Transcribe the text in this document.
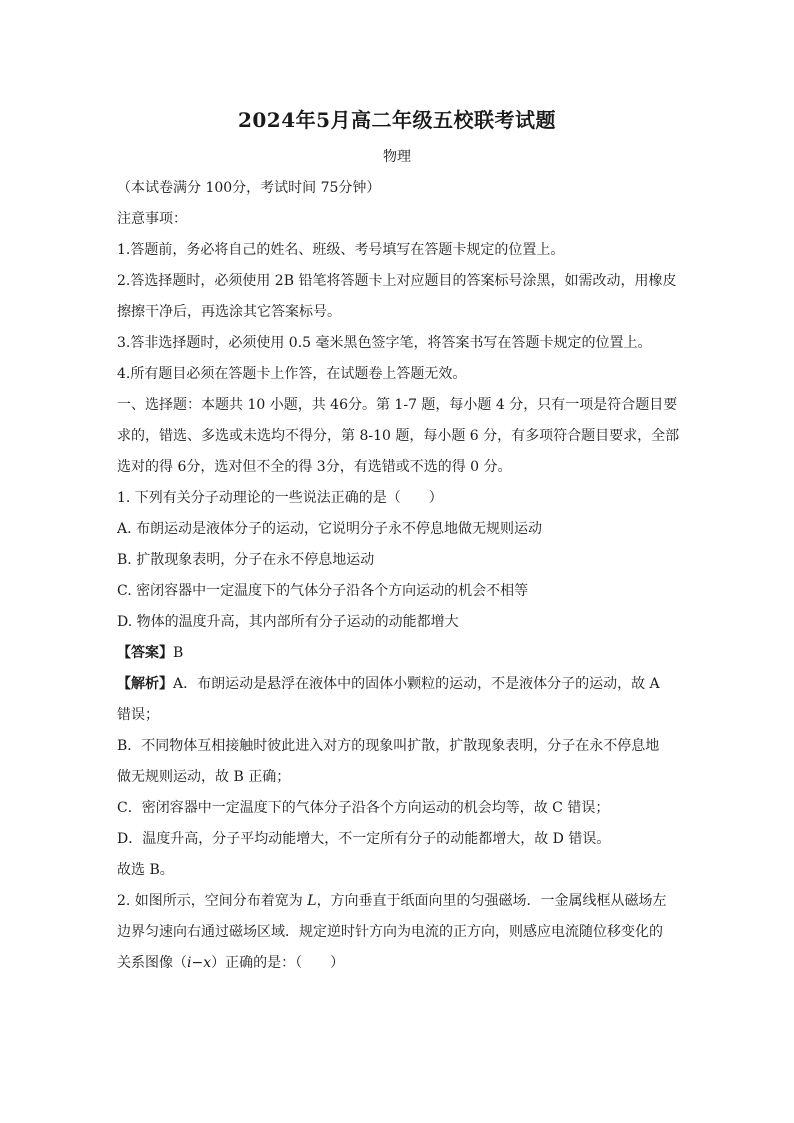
2024年5月高二年级五校联考试题
物理
（本试卷满分 100分，考试时间 75分钟）
注意事项：
1.答题前，务必将自己的姓名、班级、考号填写在答题卡规定的位置上。
2.答选择题时，必须使用 2B 铅笔将答题卡上对应题目的答案标号涂黑，如需改动，用橡皮
擦擦干净后，再选涂其它答案标号。
3.答非选择题时，必须使用 0.5 毫米黑色签字笔，将答案书写在答题卡规定的位置上。
4.所有题目必须在答题卡上作答，在试题卷上答题无效。
一、选择题：本题共 10 小题，共 46分。第 1-7 题，每小题 4 分，只有一项是符合题目要
求的，错选、多选或未选均不得分，第 8-10 题，每小题 6 分，有多项符合题目要求，全部
选对的得 6分，选对但不全的得 3分，有选错或不选的得 0 分。
1. 下列有关分子动理论的一些说法正确的是（　　）
A. 布朗运动是液体分子的运动，它说明分子永不停息地做无规则运动
B. 扩散现象表明，分子在永不停息地运动
C. 密闭容器中一定温度下的气体分子沿各个方向运动的机会不相等
D. 物体的温度升高，其内部所有分子运动的动能都增大
【答案】B
【解析】A．布朗运动是悬浮在液体中的固体小颗粒的运动，不是液体分子的运动，故 A
错误；
B．不同物体互相接触时彼此进入对方的现象叫扩散，扩散现象表明，分子在永不停息地
做无规则运动，故 B 正确；
C．密闭容器中一定温度下的气体分子沿各个方向运动的机会均等，故 C 错误；
D．温度升高，分子平均动能增大，不一定所有分子的动能都增大，故 D 错误。
故选 B。
2. 如图所示，空间分布着宽为 L，方向垂直于纸面向里的匀强磁场．一金属线框从磁场左
边界匀速向右通过磁场区域．规定逆时针方向为电流的正方向，则感应电流随位移变化的
关系图像（i−x）正确的是：（　　）
